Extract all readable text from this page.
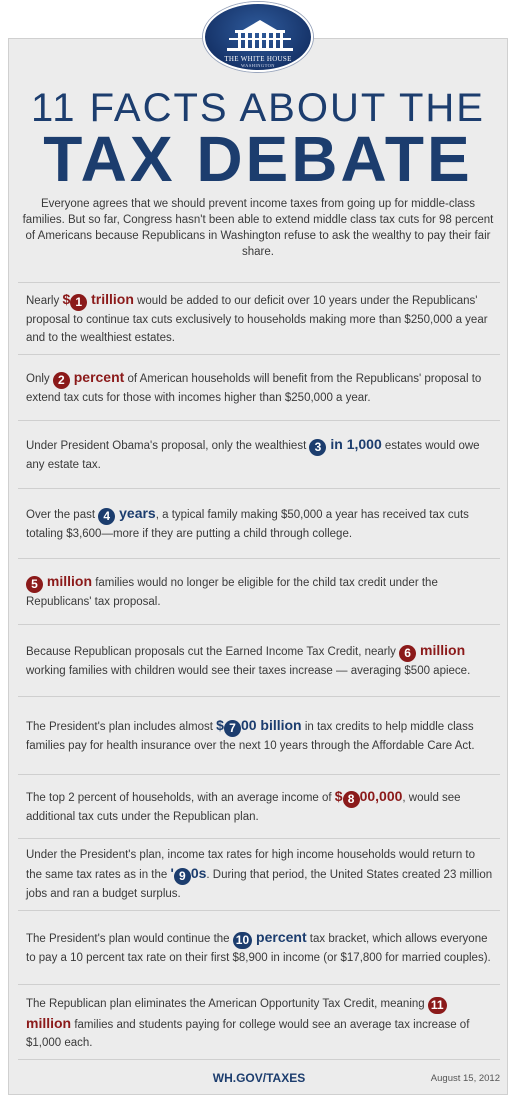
THE WHITE HOUSE
WASHINGTON
11 FACTS ABOUT THE
TAX DEBATE
Everyone agrees that we should prevent income taxes from going up for middle-class families. But so far, Congress hasn't been able to extend middle class tax cuts for 98 percent of Americans because Republicans in Washington refuse to ask the wealthy to pay their fair share.

Nearly $ 1 trillion would be added to our deficit over 10 years under the Republicans' proposal to continue tax cuts exclusively to households making more than $250,000 a year and to the wealthiest estates.

Only 2 percent of American households will benefit from the Republicans' proposal to extend tax cuts for those with incomes higher than $250,000 a year.

Under President Obama's proposal, only the wealthiest 3 in 1,000 estates would owe any estate tax.

Over the past 4 years, a typical family making $50,000 a year has received tax cuts totaling $3,600—more if they are putting a child through college.

5 million families would no longer be eligible for the child tax credit under the Republicans' tax proposal.

Because Republican proposals cut the Earned Income Tax Credit, nearly 6 million working families with children would see their taxes increase — averaging $500 apiece.

The President's plan includes almost $ 7 00 billion in tax credits to help middle class families pay for health insurance over the next 10 years through the Affordable Care Act.

The top 2 percent of households, with an average income of $ 8 00,000, would see additional tax cuts under the Republican plan.

Under the President's plan, income tax rates for high income households would return to the same tax rates as in the ' 9 0s. During that period, the United States created 23 million jobs and ran a budget surplus.

The President's plan would continue the 10 percent tax bracket, which allows everyone to pay a 10 percent tax rate on their first $8,900 in income (or $17,800 for married couples).

The Republican plan eliminates the American Opportunity Tax Credit, meaning 11 million families and students paying for college would see an average tax increase of $1,000 each.

WH.GOV/TAXES	August 15, 2012
